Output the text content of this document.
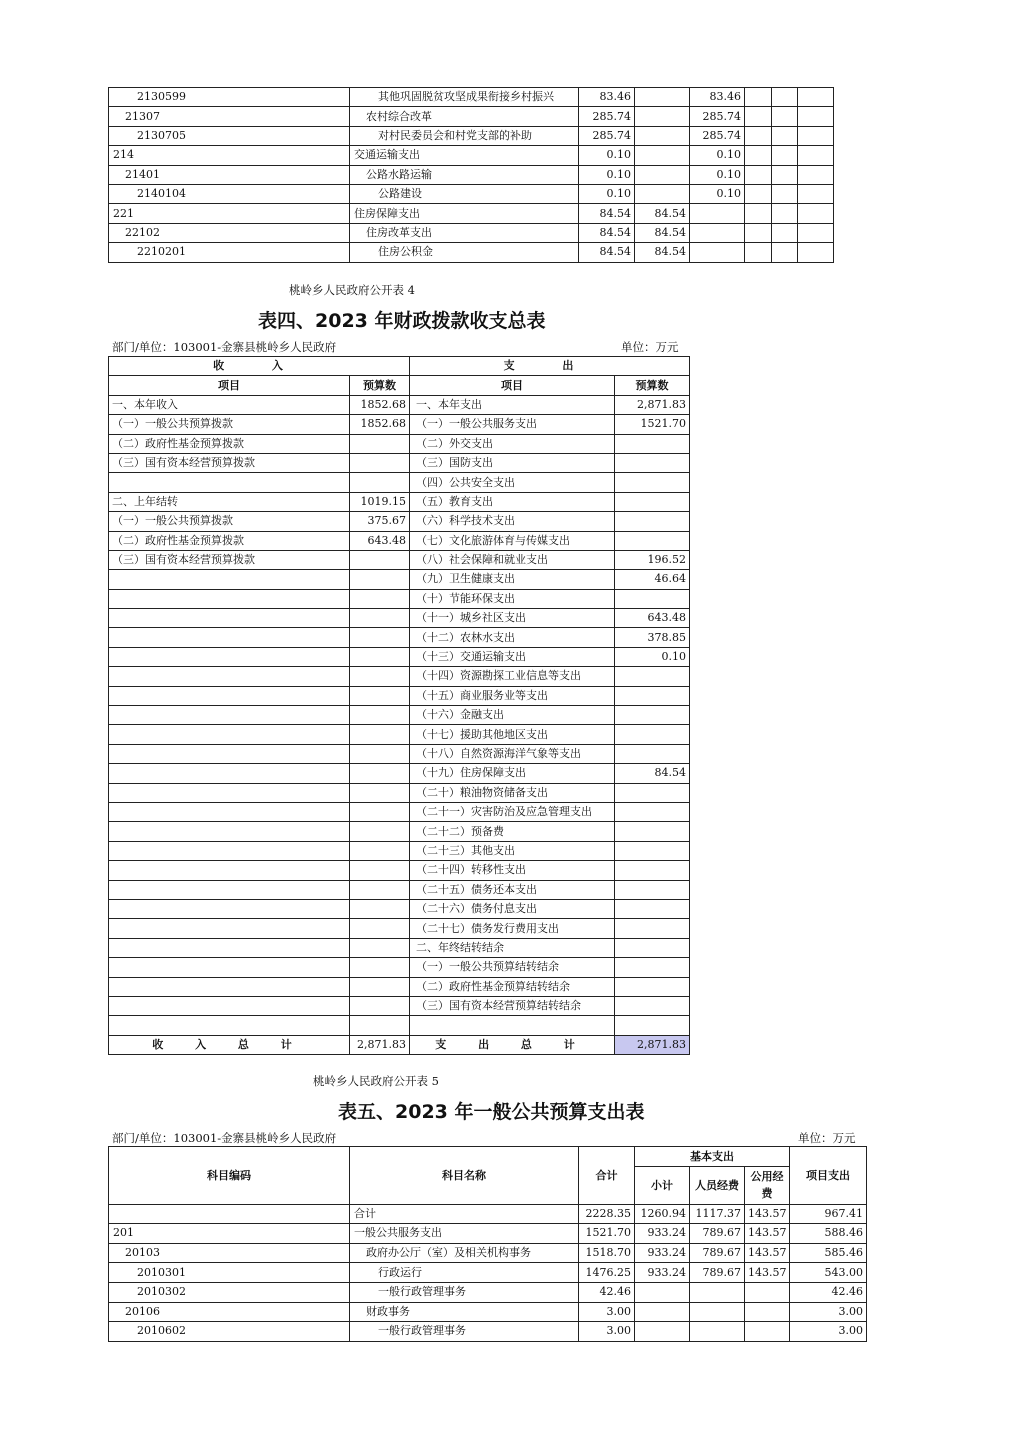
2130599	其他巩固脱贫攻坚成果衔接乡村振兴	83.46		83.46			
21307	农村综合改革	285.74		285.74			
2130705	对村民委员会和村党支部的补助	285.74		285.74			
214	交通运输支出	0.10		0.10			
21401	公路水路运输	0.10		0.10			
2140104	公路建设	0.10		0.10			
221	住房保障支出	84.54	84.54				
22102	住房改革支出	84.54	84.54				
2210201	住房公积金	84.54	84.54				
桃岭乡人民政府公开表 4
表四、2023 年财政拨款收支总表
部门/单位：103001-金寨县桃岭乡人民政府	单位：万元
收 入		支 出	
项目	预算数	项目	预算数
一、本年收入	1852.68	一、本年支出	2,871.83
（一）一般公共预算拨款	1852.68	（一）一般公共服务支出	1521.70
（二）政府性基金预算拨款		（二）外交支出	
（三）国有资本经营预算拨款		（三）国防支出	
		（四）公共安全支出	
二、上年结转	1019.15	（五）教育支出	
（一）一般公共预算拨款	375.67	（六）科学技术支出	
（二）政府性基金预算拨款	643.48	（七）文化旅游体育与传媒支出	
（三）国有资本经营预算拨款		（八）社会保障和就业支出	196.52
		（九）卫生健康支出	46.64
		（十）节能环保支出	
		（十一）城乡社区支出	643.48
		（十二）农林水支出	378.85
		（十三）交通运输支出	0.10
		（十四）资源勘探工业信息等支出	
		（十五）商业服务业等支出	
		（十六）金融支出	
		（十七）援助其他地区支出	
		（十八）自然资源海洋气象等支出	
		（十九）住房保障支出	84.54
		（二十）粮油物资储备支出	
		（二十一）灾害防治及应急管理支出	
		（二十二）预备费	
		（二十三）其他支出	
		（二十四）转移性支出	
		（二十五）债务还本支出	
		（二十六）债务付息支出	
		（二十七）债务发行费用支出	
		二、年终结转结余	
		（一）一般公共预算结转结余	
		（二）政府性基金预算结转结余	
		（三）国有资本经营预算结转结余	

收 入 总 计	2,871.83	支 出 总 计	2,871.83
桃岭乡人民政府公开表 5
表五、2023 年一般公共预算支出表
部门/单位：103001-金寨县桃岭乡人民政府	单位：万元
科目编码	科目名称	合计	基本支出			项目支出
			小计	人员经费	公用经费	
	合计	2228.35	1260.94	1117.37	143.57	967.41
201	一般公共服务支出	1521.70	933.24	789.67	143.57	588.46
20103	政府办公厅（室）及相关机构事务	1518.70	933.24	789.67	143.57	585.46
2010301	行政运行	1476.25	933.24	789.67	143.57	543.00
2010302	一般行政管理事务	42.46				42.46
20106	财政事务	3.00				3.00
2010602	一般行政管理事务	3.00				3.00
